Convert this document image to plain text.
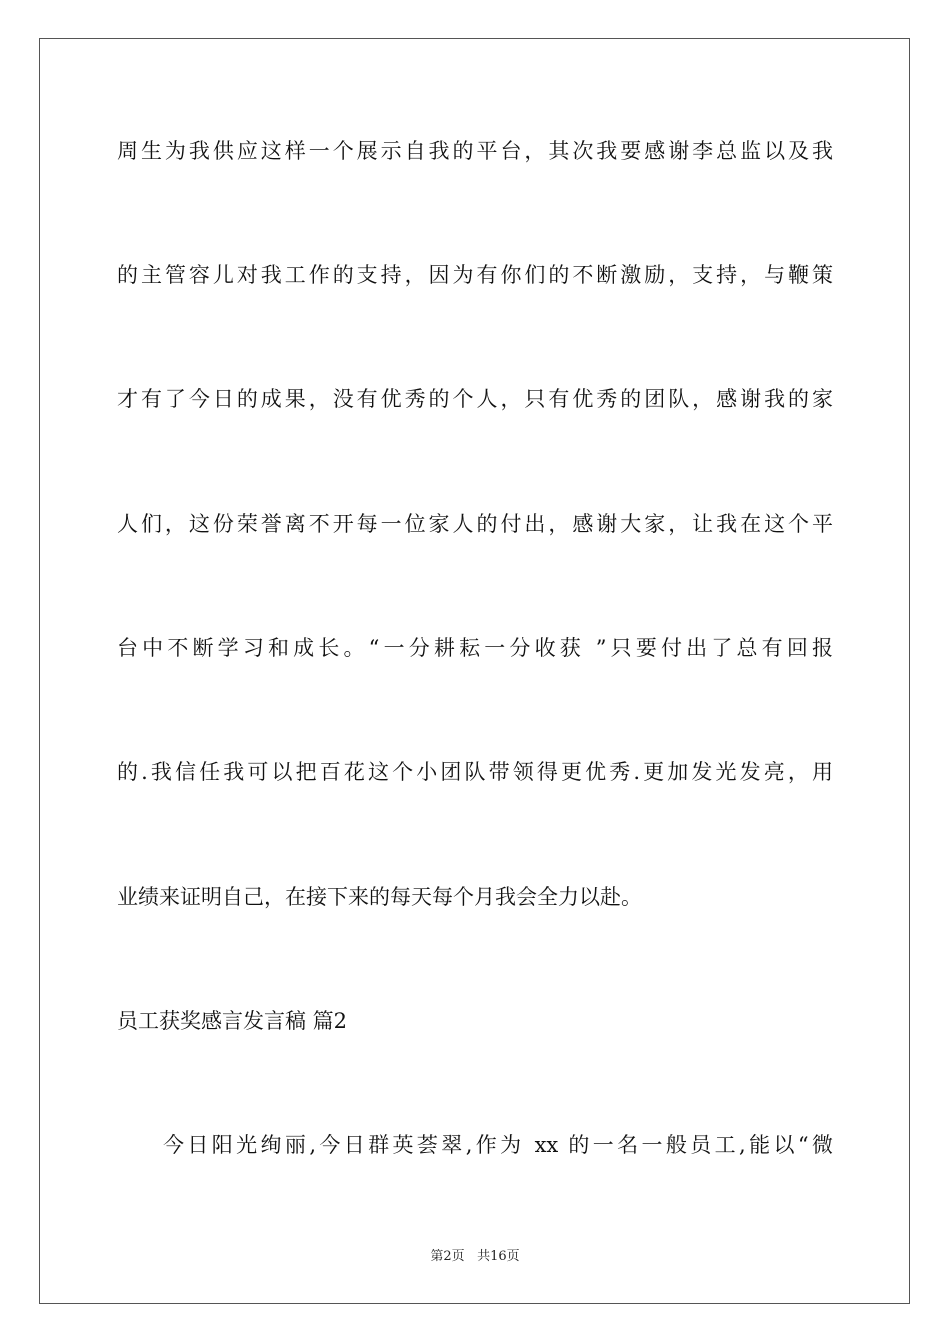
周生为我供应这样一个展示自我的平台，其次我要感谢李总监以及我
的主管容儿对我工作的支持，因为有你们的不断激励，支持，与鞭策
才有了今日的成果，没有优秀的个人，只有优秀的团队，感谢我的家
人们，这份荣誉离不开每一位家人的付出，感谢大家，让我在这个平
台中不断学习和成长。“一分耕耘一分收获 ”只要付出了总有回报
的.我信任我可以把百花这个小团队带领得更优秀.更加发光发亮，用
业绩来证明自己，在接下来的每天每个月我会全力以赴。
员工获奖感言发言稿 篇2
今日阳光绚丽,今日群英荟翠,作为 xx 的一名一般员工,能以“微
第2页 共16页
